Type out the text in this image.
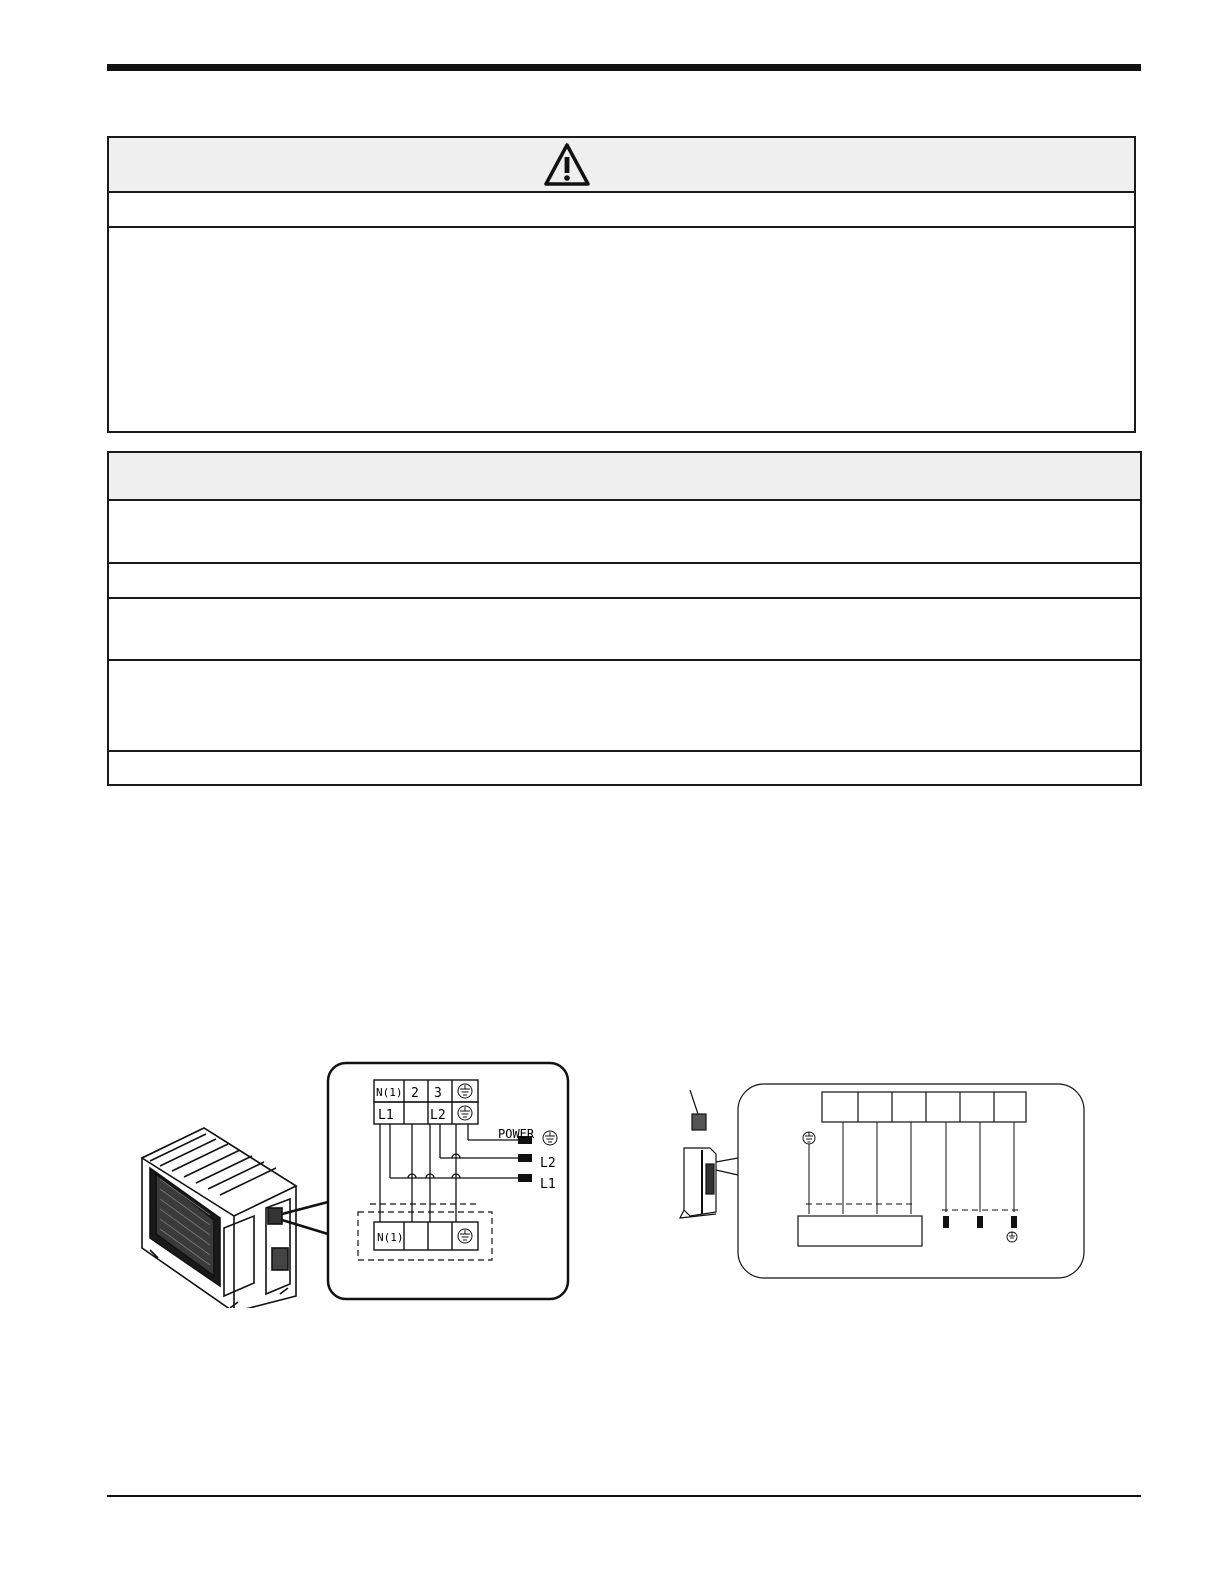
N(1) 2 3
L1	L2
POWER
L2
L1
N(1)
